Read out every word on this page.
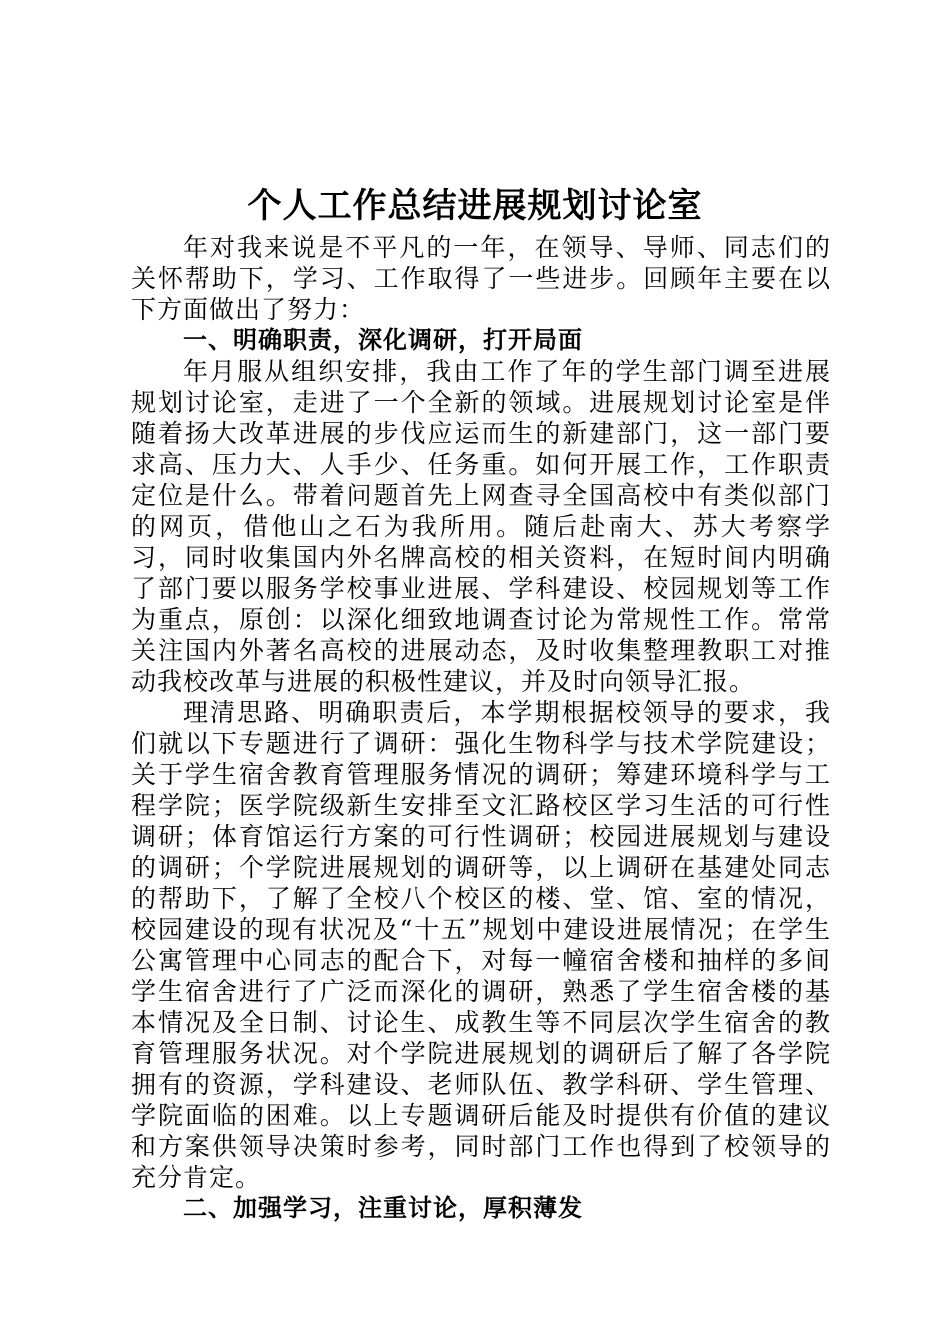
个人工作总结进展规划讨论室

年对我来说是不平凡的一年，在领导、导师、同志们的关怀帮助下，学习、工作取得了一些进步。回顾年主要在以下方面做出了努力：

一、明确职责，深化调研，打开局面

年月服从组织安排，我由工作了年的学生部门调至进展规划讨论室，走进了一个全新的领域。进展规划讨论室是伴随着扬大改革进展的步伐应运而生的新建部门，这一部门要求高、压力大、人手少、任务重。如何开展工作，工作职责定位是什么。带着问题首先上网查寻全国高校中有类似部门的网页，借他山之石为我所用。随后赴南大、苏大考察学习，同时收集国内外名牌高校的相关资料，在短时间内明确了部门要以服务学校事业进展、学科建设、校园规划等工作为重点，原创：以深化细致地调查讨论为常规性工作。常常关注国内外著名高校的进展动态，及时收集整理教职工对推动我校改革与进展的积极性建议，并及时向领导汇报。

理清思路、明确职责后，本学期根据校领导的要求，我们就以下专题进行了调研：强化生物科学与技术学院建设；关于学生宿舍教育管理服务情况的调研；筹建环境科学与工程学院；医学院级新生安排至文汇路校区学习生活的可行性调研；体育馆运行方案的可行性调研；校园进展规划与建设的调研；个学院进展规划的调研等，以上调研在基建处同志的帮助下，了解了全校八个校区的楼、堂、馆、室的情况，校园建设的现有状况及“十五”规划中建设进展情况；在学生公寓管理中心同志的配合下，对每一幢宿舍楼和抽样的多间学生宿舍进行了广泛而深化的调研，熟悉了学生宿舍楼的基本情况及全日制、讨论生、成教生等不同层次学生宿舍的教育管理服务状况。对个学院进展规划的调研后了解了各学院拥有的资源，学科建设、老师队伍、教学科研、学生管理、学院面临的困难。以上专题调研后能及时提供有价值的建议和方案供领导决策时参考，同时部门工作也得到了校领导的充分肯定。

二、加强学习，注重讨论，厚积薄发
